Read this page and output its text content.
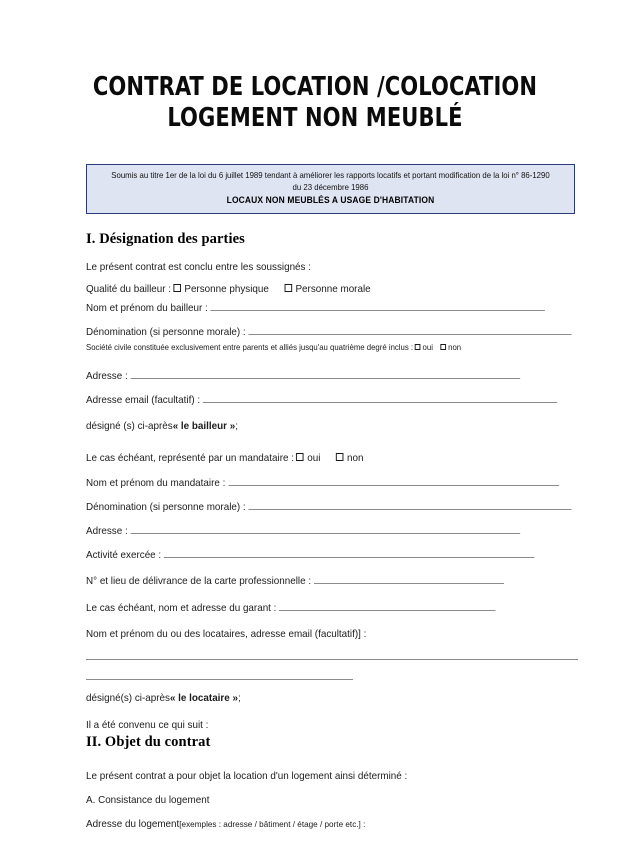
CONTRAT DE LOCATION /COLOCATION
LOGEMENT NON MEUBLÉ
Soumis au titre 1er de la loi du 6 juillet 1989 tendant à améliorer les rapports locatifs et portant modification de la loi n° 86-1290 du 23 décembre 1986
LOCAUX NON MEUBLÉS A USAGE D'HABITATION
I. Désignation des parties
Le présent contrat est conclu entre les soussignés :
Qualité du bailleur : Personne physique	Personne morale
Nom et prénom du bailleur :
Dénomination (si personne morale) :
Société civile constituée exclusivement entre parents et alliés jusqu'au quatrième degré inclus : oui non
Adresse :
Adresse email (facultatif) :
désigné (s) ci-après « le bailleur » ;
Le cas échéant, représenté par un mandataire : oui	non
Nom et prénom du mandataire :
Dénomination (si personne morale) :
Adresse :
Activité exercée :
N° et lieu de délivrance de la carte professionnelle :
Le cas échéant, nom et adresse du garant :
Nom et prénom du ou des locataires, adresse email (facultatif)] :
désigné(s) ci-après « le locataire » ;
Il a été convenu ce qui suit :
II. Objet du contrat
Le présent contrat a pour objet la location d'un logement ainsi déterminé :
A. Consistance du logement
Adresse du logement [exemples : adresse / bâtiment / étage / porte etc.] :
